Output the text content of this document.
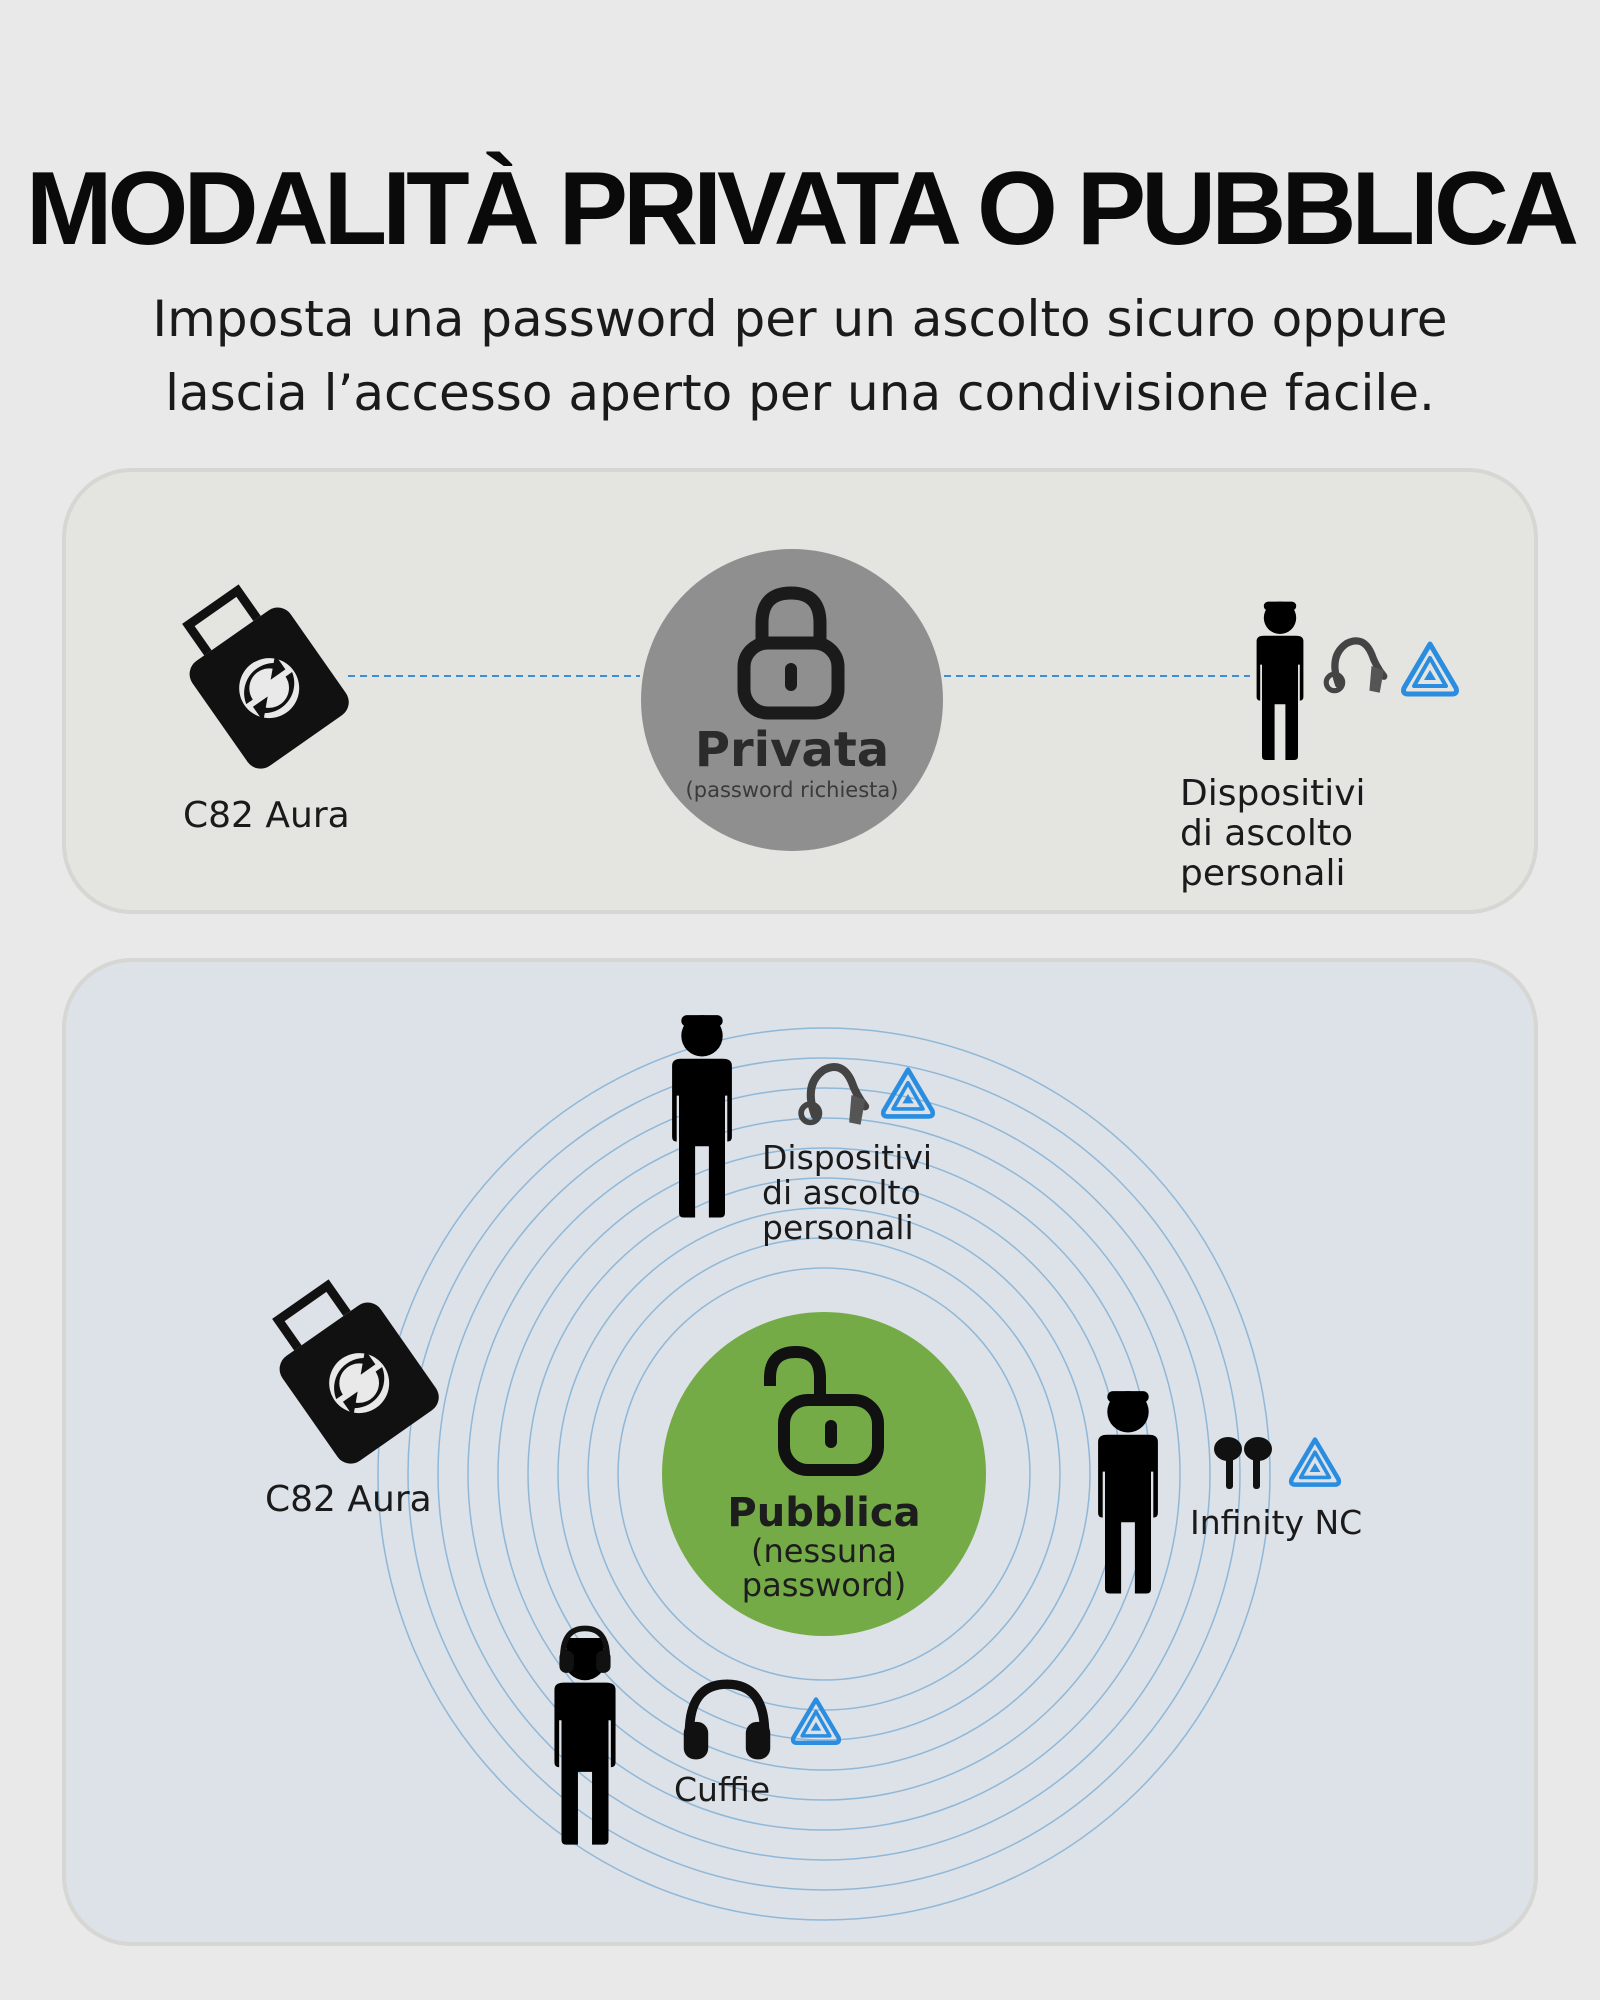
MODALITÀ PRIVATA O PUBBLICA
Imposta una password per un ascolto sicuro oppure
lascia l’accesso aperto per una condivisione facile.
C82 Aura
Privata
(password richiesta)	Dispositivi
di ascolto
personali
Pubblica
(nessuna
password)
C82 Aura
Dispositivi
di ascolto
personali
Infinity NC
Cuffie
